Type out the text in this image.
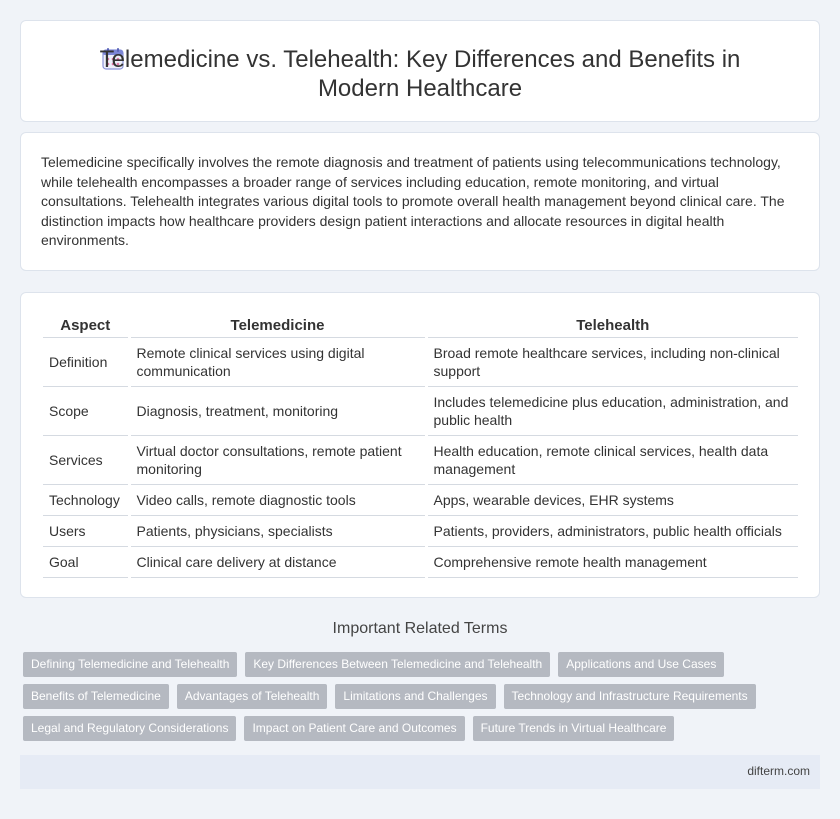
Telemedicine vs. Telehealth: Key Differences and Benefits in
Modern Healthcare

Telemedicine specifically involves the remote diagnosis and treatment of patients using telecommunications technology, while telehealth encompasses a broader range of services including education, remote monitoring, and virtual consultations. Telehealth integrates various digital tools to promote overall health management beyond clinical care. The distinction impacts how healthcare providers design patient interactions and allocate resources in digital health environments.

Aspect	Telemedicine	Telehealth
Definition	Remote clinical services using digital communication	Broad remote healthcare services, including non-clinical support
Scope	Diagnosis, treatment, monitoring	Includes telemedicine plus education, administration, and public health
Services	Virtual doctor consultations, remote patient monitoring	Health education, remote clinical services, health data management
Technology	Video calls, remote diagnostic tools	Apps, wearable devices, EHR systems
Users	Patients, physicians, specialists	Patients, providers, administrators, public health officials
Goal	Clinical care delivery at distance	Comprehensive remote health management
Important Related Terms
Defining Telemedicine and Telehealth	Key Differences Between Telemedicine and Telehealth	Applications and Use Cases
Benefits of Telemedicine	Advantages of Telehealth	Limitations and Challenges	Technology and Infrastructure Requirements
Legal and Regulatory Considerations	Impact on Patient Care and Outcomes	Future Trends in Virtual Healthcare
difterm.com
